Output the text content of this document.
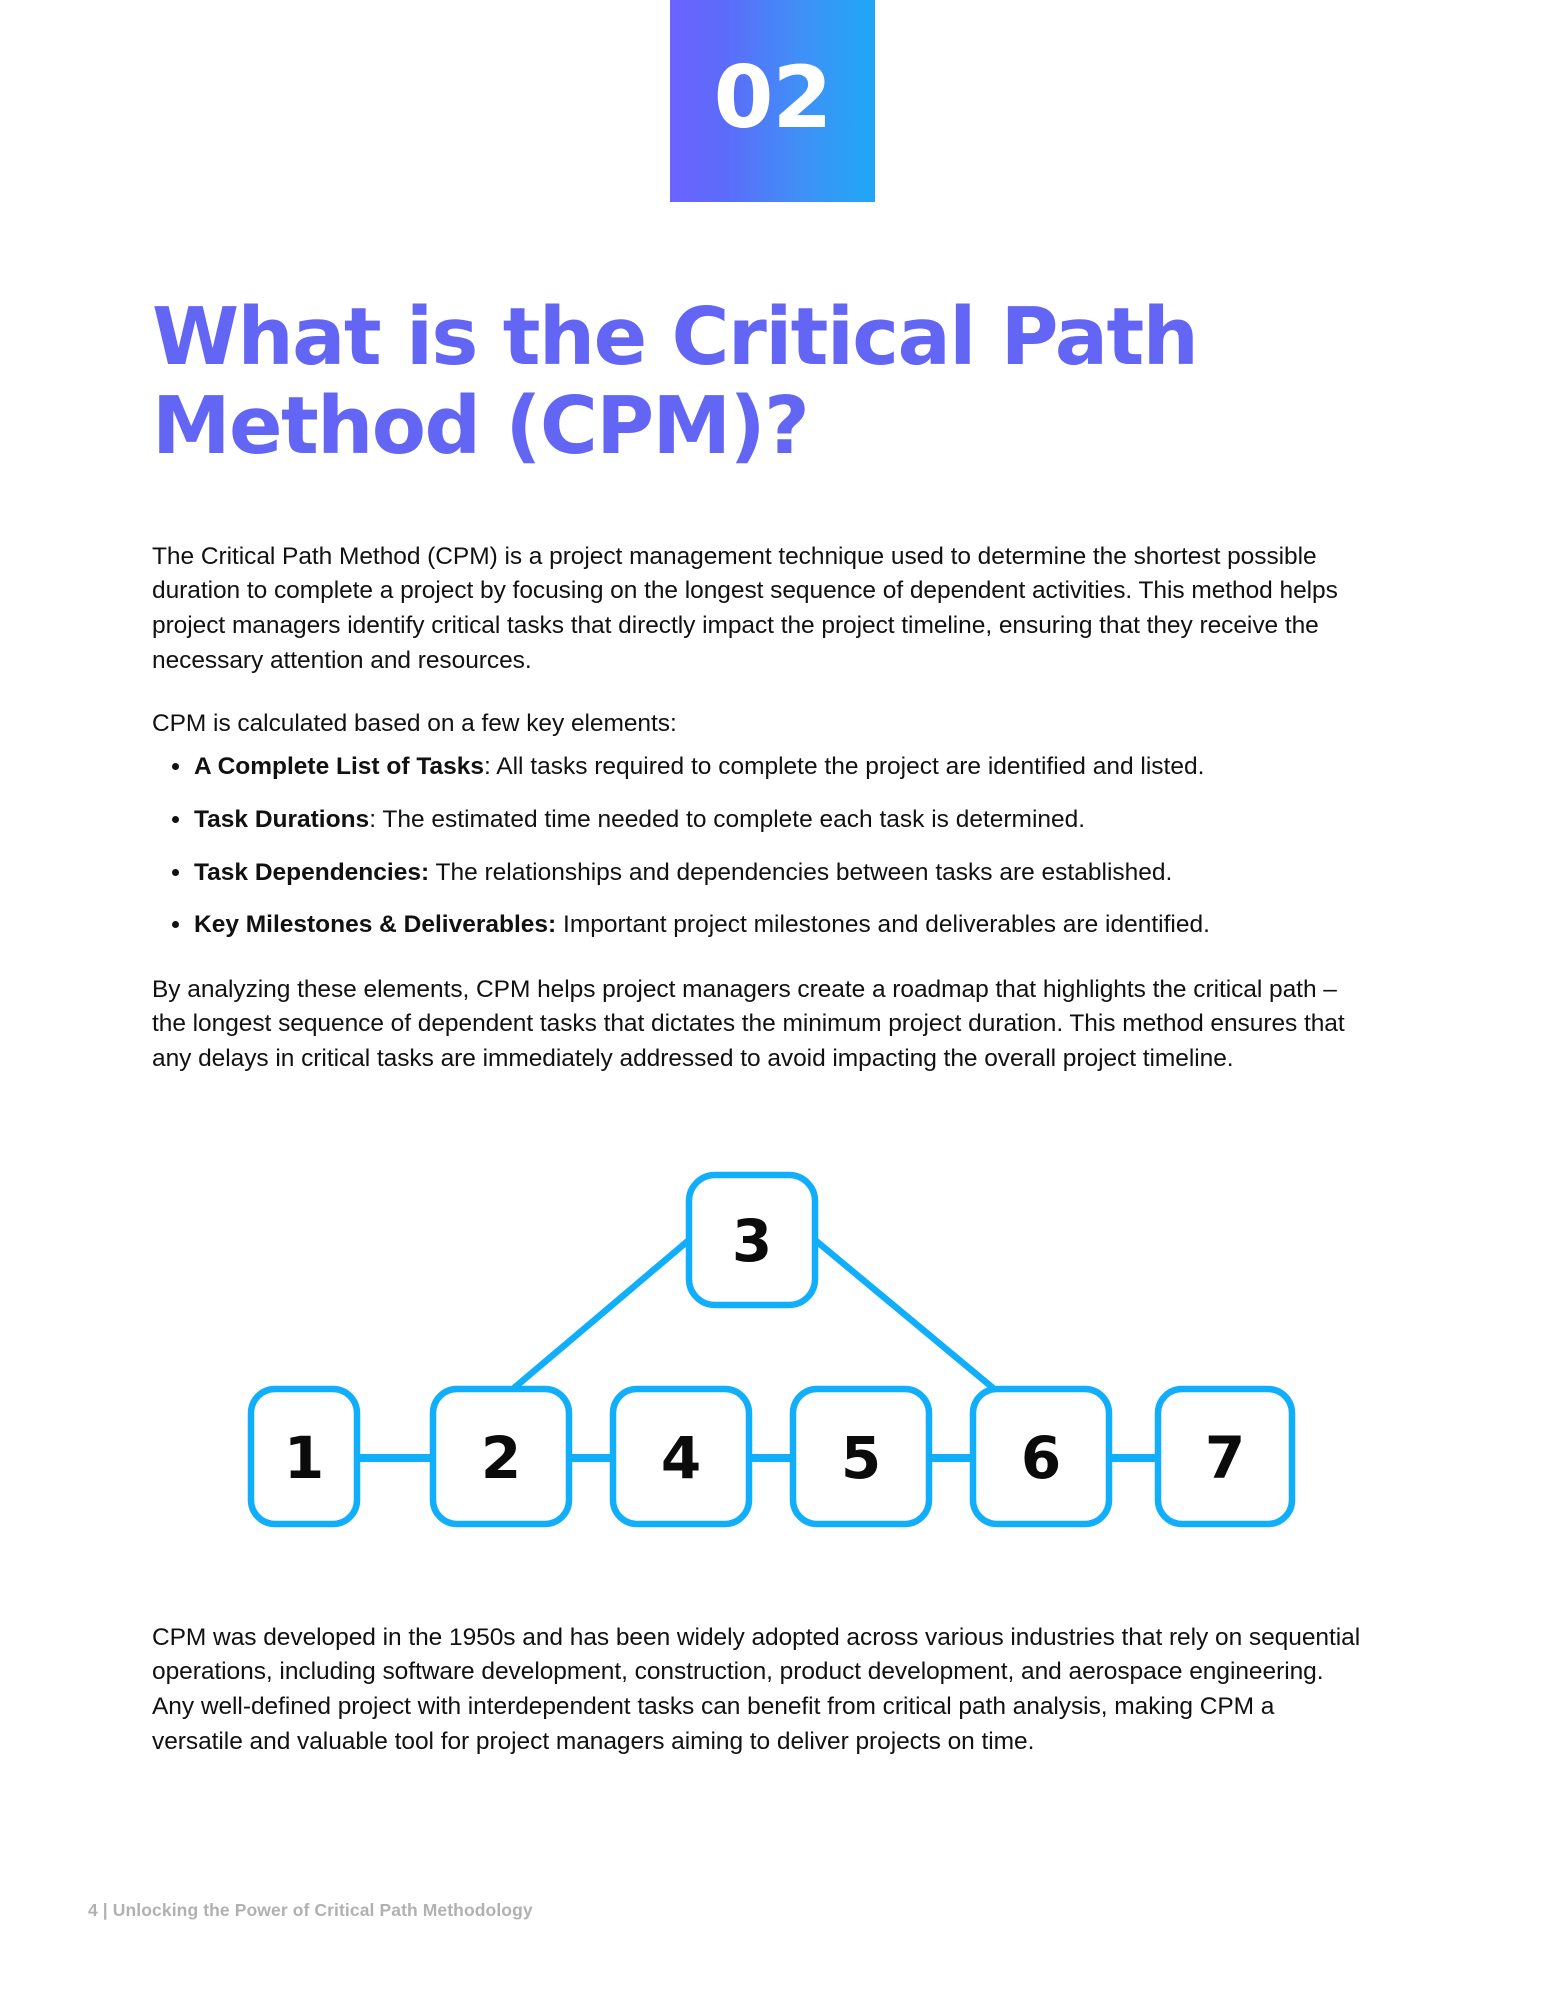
02
What is the Critical Path
Method (CPM)?

The Critical Path Method (CPM) is a project management technique used to determine the shortest possible duration to complete a project by focusing on the longest sequence of dependent activities. This method helps project managers identify critical tasks that directly impact the project timeline, ensuring that they receive the necessary attention and resources.

CPM is calculated based on a few key elements:

A Complete List of Tasks: All tasks required to complete the project are identified and listed.
Task Durations: The estimated time needed to complete each task is determined.
Task Dependencies: The relationships and dependencies between tasks are established.
Key Milestones & Deliverables: Important project milestones and deliverables are identified.

By analyzing these elements, CPM helps project managers create a roadmap that highlights the critical path – the longest sequence of dependent tasks that dictates the minimum project duration. This method ensures that any delays in critical tasks are immediately addressed to avoid impacting the overall project timeline.

1	2
3
4 5 6 7

CPM was developed in the 1950s and has been widely adopted across various industries that rely on sequential operations, including software development, construction, product development, and aerospace engineering. Any well-defined project with interdependent tasks can benefit from critical path analysis, making CPM a versatile and valuable tool for project managers aiming to deliver projects on time.

4 | Unlocking the Power of Critical Path Methodology
